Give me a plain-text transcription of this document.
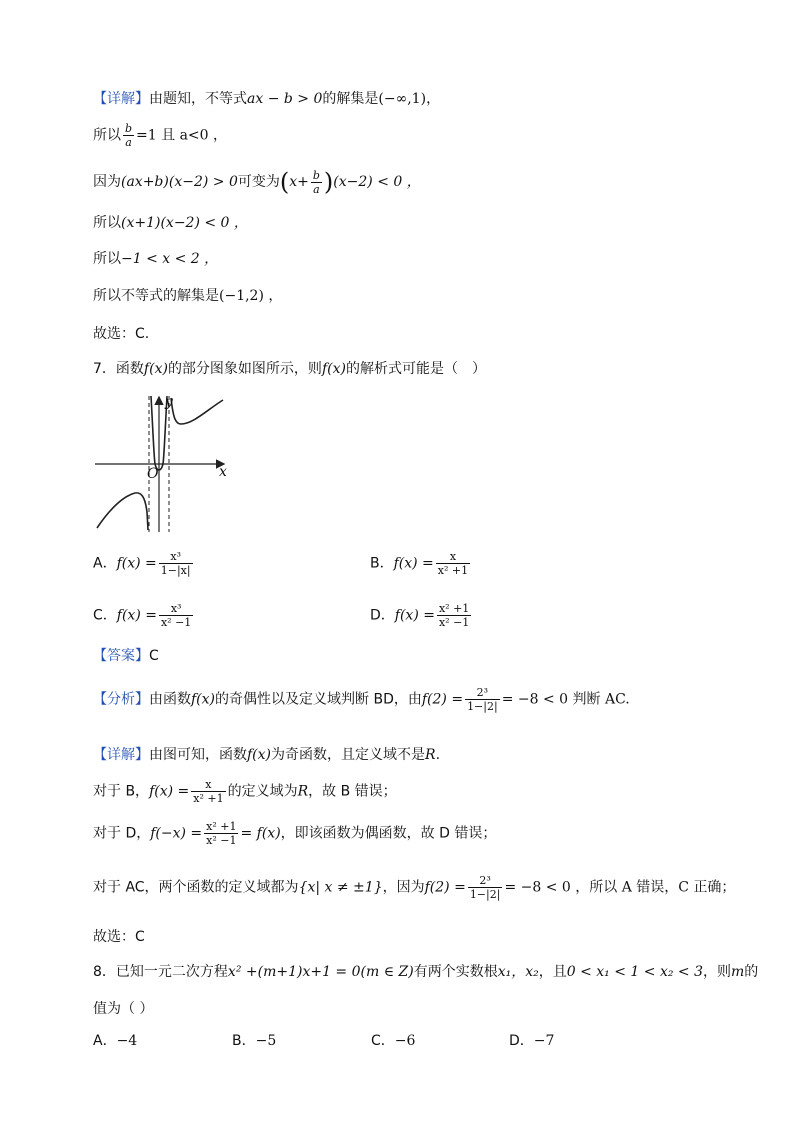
【详解】由题知，不等式ax − b > 0的解集是(−∞,1)，
所以 $\frac{b}{a} =1$ 且 a<0 ，
因为(ax+b)(x−2) > 0可变为$(x+ \frac{b}{a} )(x-2) < 0$ ，
所以(x+1)(x−2) < 0 ，
所以−1 < x < 2 ，
所以不等式的解集是(−1,2) ，
故选：C.
7．函数f(x)的部分图象如图所示，则f(x)的解析式可能是（　）
y
x
O
A．$f(x) = \frac{\text{x³}}{1-|x|}$	B．$f(x) = \frac{x}{\text{x² +1}}$
C．$f(x) = \frac{\text{x³}}{\text{x² −1}}$	D．$f(x) = \frac{\text{x² +1}}{\text{x² −1}}$
【答案】C
【分析】由函数f(x)的奇偶性以及定义域判断 BD，由$f(2) = \frac{\text{2³}}{1-|2|} = -8 < 0$ 判断 AC.
【详解】由图可知，函数f(x)为奇函数，且定义域不是R.
对于 B，$f(x) = \frac{x}{\text{x² +1}}$ 的定义域为R，故 B 错误；
对于 D，$f(-x) = \frac{\text{x² +1}}{\text{x² −1}} = f(x)$，即该函数为偶函数，故 D 错误；
对于 AC，两个函数的定义域都为{x| x ≠ ±1}，因为$f(2) = \frac{\text{2³}}{1-|2|} = -8 < 0$ ，所以 A 错误，C 正确；
故选：C
8．已知一元二次方程x² +(m+1)x+1 = 0(m ∈ Z)有两个实数根x₁，x₂，且0 < x₁ < 1 < x₂ < 3，则m的
值为（ ）
A．−4	B．−5	C．−6	D．−7
